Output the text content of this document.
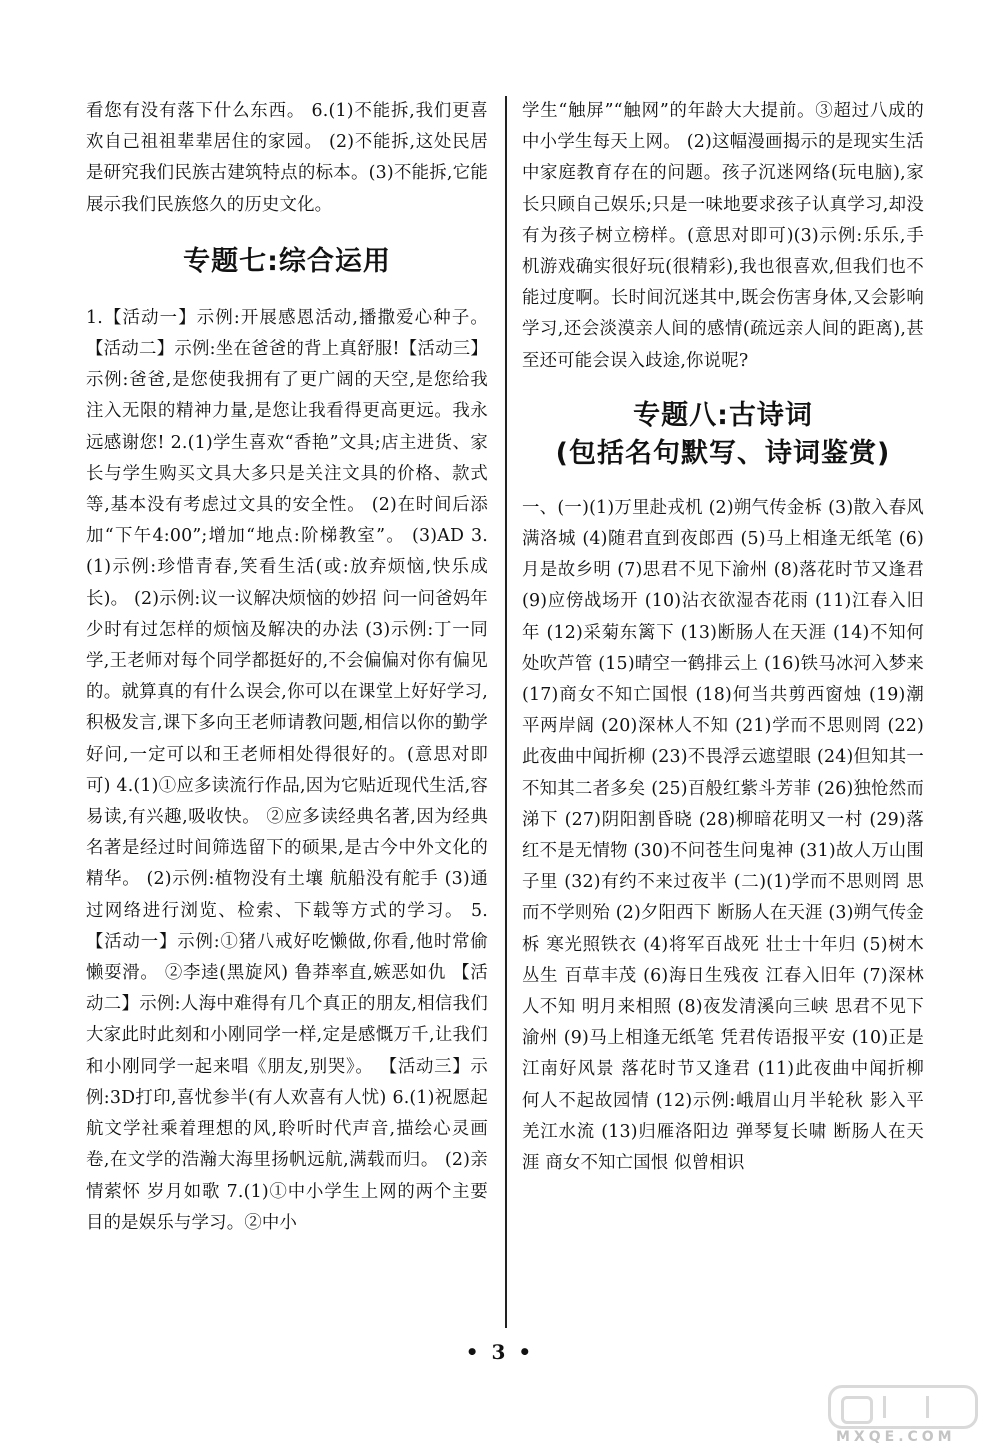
看您有没有落下什么东西。 6.(1)不能拆,我们更喜欢自己祖祖辈辈居住的家园。 (2)不能拆,这处民居是研究我们民族古建筑特点的标本。(3)不能拆,它能展示我们民族悠久的历史文化。

专题七:综合运用

1.【活动一】示例:开展感恩活动,播撒爱心种子。 【活动二】示例:坐在爸爸的背上真舒服!【活动三】示例:爸爸,是您使我拥有了更广阔的天空,是您给我注入无限的精神力量,是您让我看得更高更远。我永远感谢您! 2.(1)学生喜欢“香艳”文具;店主进货、家长与学生购买文具大多只是关注文具的价格、款式等,基本没有考虑过文具的安全性。 (2)在时间后添加“下午4:00”;增加“地点:阶梯教室”。 (3)AD 3.(1)示例:珍惜青春,笑看生活(或:放弃烦恼,快乐成长)。 (2)示例:议一议解决烦恼的妙招 问一问爸妈年少时有过怎样的烦恼及解决的办法 (3)示例:丁一同学,王老师对每个同学都挺好的,不会偏偏对你有偏见的。就算真的有什么误会,你可以在课堂上好好学习,积极发言,课下多向王老师请教问题,相信以你的勤学好问,一定可以和王老师相处得很好的。(意思对即可) 4.(1)①应多读流行作品,因为它贴近现代生活,容易读,有兴趣,吸收快。 ②应多读经典名著,因为经典名著是经过时间筛选留下的硕果,是古今中外文化的精华。 (2)示例:植物没有土壤 航船没有舵手 (3)通过网络进行浏览、检索、下载等方式的学习。 5.【活动一】示例:①猪八戒好吃懒做,你看,他时常偷懒耍滑。 ②李逵(黑旋风) 鲁莽率直,嫉恶如仇 【活动二】示例:人海中难得有几个真正的朋友,相信我们大家此时此刻和小刚同学一样,定是感慨万千,让我们和小刚同学一起来唱《朋友,别哭》。 【活动三】示例:3D打印,喜忧参半(有人欢喜有人忧) 6.(1)祝愿起航文学社乘着理想的风,聆听时代声音,描绘心灵画卷,在文学的浩瀚大海里扬帆远航,满载而归。 (2)亲情萦怀 岁月如歌 7.(1)①中小学生上网的两个主要目的是娱乐与学习。②中小

学生“触屏”“触网”的年龄大大提前。③超过八成的中小学生每天上网。 (2)这幅漫画揭示的是现实生活中家庭教育存在的问题。孩子沉迷网络(玩电脑),家长只顾自己娱乐;只是一味地要求孩子认真学习,却没有为孩子树立榜样。(意思对即可)(3)示例:乐乐,手机游戏确实很好玩(很精彩),我也很喜欢,但我们也不能过度啊。长时间沉迷其中,既会伤害身体,又会影响学习,还会淡漠亲人间的感情(疏远亲人间的距离),甚至还可能会误入歧途,你说呢?

专题八:古诗词
(包括名句默写、诗词鉴赏)

一、(一)(1)万里赴戎机 (2)朔气传金柝 (3)散入春风满洛城 (4)随君直到夜郎西 (5)马上相逢无纸笔 (6)月是故乡明 (7)思君不见下渝州 (8)落花时节又逢君 (9)应傍战场开 (10)沾衣欲湿杏花雨 (11)江春入旧年 (12)采菊东篱下 (13)断肠人在天涯 (14)不知何处吹芦管 (15)晴空一鹤排云上 (16)铁马冰河入梦来 (17)商女不知亡国恨 (18)何当共剪西窗烛 (19)潮平两岸阔 (20)深林人不知 (21)学而不思则罔 (22)此夜曲中闻折柳 (23)不畏浮云遮望眼 (24)但知其一 不知其二者多矣 (25)百般红紫斗芳菲 (26)独怆然而涕下 (27)阴阳割昏晓 (28)柳暗花明又一村 (29)落红不是无情物 (30)不问苍生问鬼神 (31)故人万山围子里 (32)有约不来过夜半 (二)(1)学而不思则罔 思而不学则殆 (2)夕阳西下 断肠人在天涯 (3)朔气传金柝 寒光照铁衣 (4)将军百战死 壮士十年归 (5)树木丛生 百草丰茂 (6)海日生残夜 江春入旧年 (7)深林人不知 明月来相照 (8)夜发清溪向三峡 思君不见下渝州 (9)马上相逢无纸笔 凭君传语报平安 (10)正是江南好风景 落花时节又逢君 (11)此夜曲中闻折柳 何人不起故园情 (12)示例:峨眉山月半轮秋 影入平羌江水流 (13)归雁洛阳边 弹琴复长啸 断肠人在天涯 商女不知亡国恨 似曾相识

• 3 •
MXQE.COM
